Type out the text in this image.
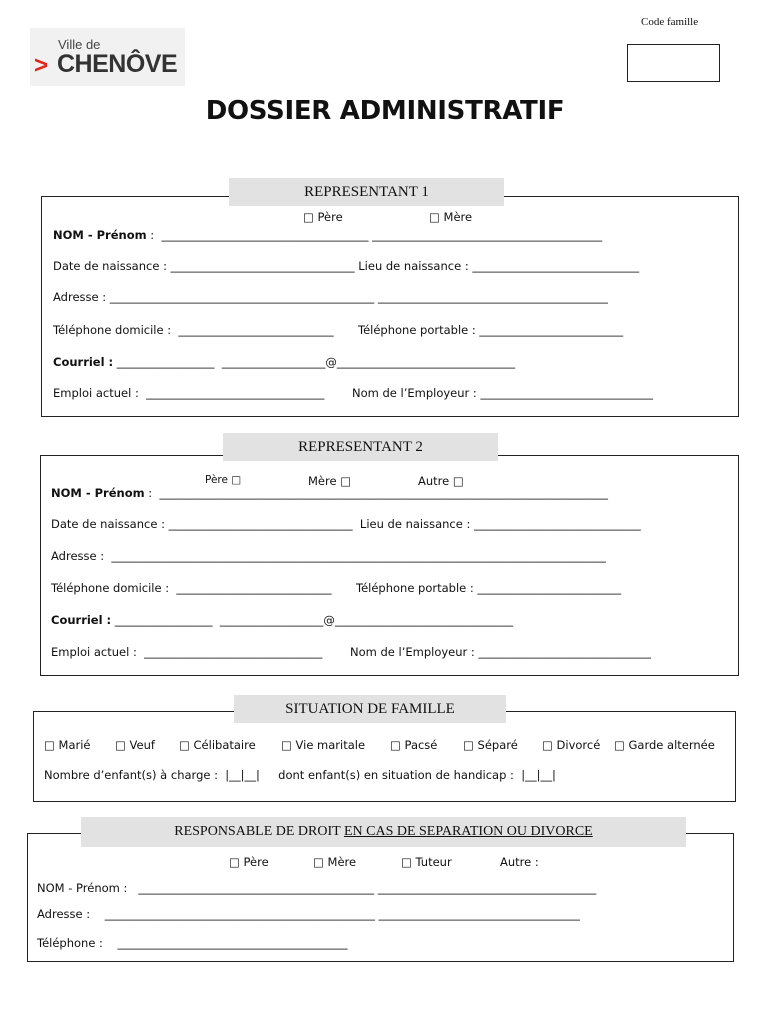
>
Ville de
CHENÔVE
Code famille
DOSSIER ADMINISTRATIF
REPRESENTANT 1
□ Père	□ Mère
NOM - Prénom :  ____________________________________ ________________________________________
Date de naissance : ________________________________ Lieu de naissance : _____________________________
Adresse : ______________________________________________ ________________________________________
Téléphone domicile :  ___________________________ Téléphone portable : _________________________
Courriel : _________________  __________________@_______________________________
Emploi actuel :  _______________________________ Nom de l’Employeur : ______________________________
REPRESENTANT 2
Père □	Mère □	Autre □
NOM - Prénom :  ______________________________________________________________________________
Date de naissance : ________________________________  Lieu de naissance : _____________________________
Adresse :  ______________________________________________________________________________________
Téléphone domicile :  ___________________________ Téléphone portable : _________________________
Courriel : _________________  __________________@_______________________________
Emploi actuel :  _______________________________ Nom de l’Employeur : ______________________________
SITUATION DE FAMILLE
□ Marié □ Veuf □ Célibataire □ Vie maritale □ Pacsé □ Séparé □ Divorcé □ Garde alternée
Nombre d’enfant(s) à charge :  |__|__|     dont enfant(s) en situation de handicap :  |__|__|
RESPONSABLE DE DROIT EN CAS DE SEPARATION OU DIVORCE
□ Père	□ Mère	□ Tuteur	Autre :
NOM - Prénom :   _________________________________________ ______________________________________
Adresse :    _______________________________________________ ___________________________________
Téléphone :    ________________________________________
